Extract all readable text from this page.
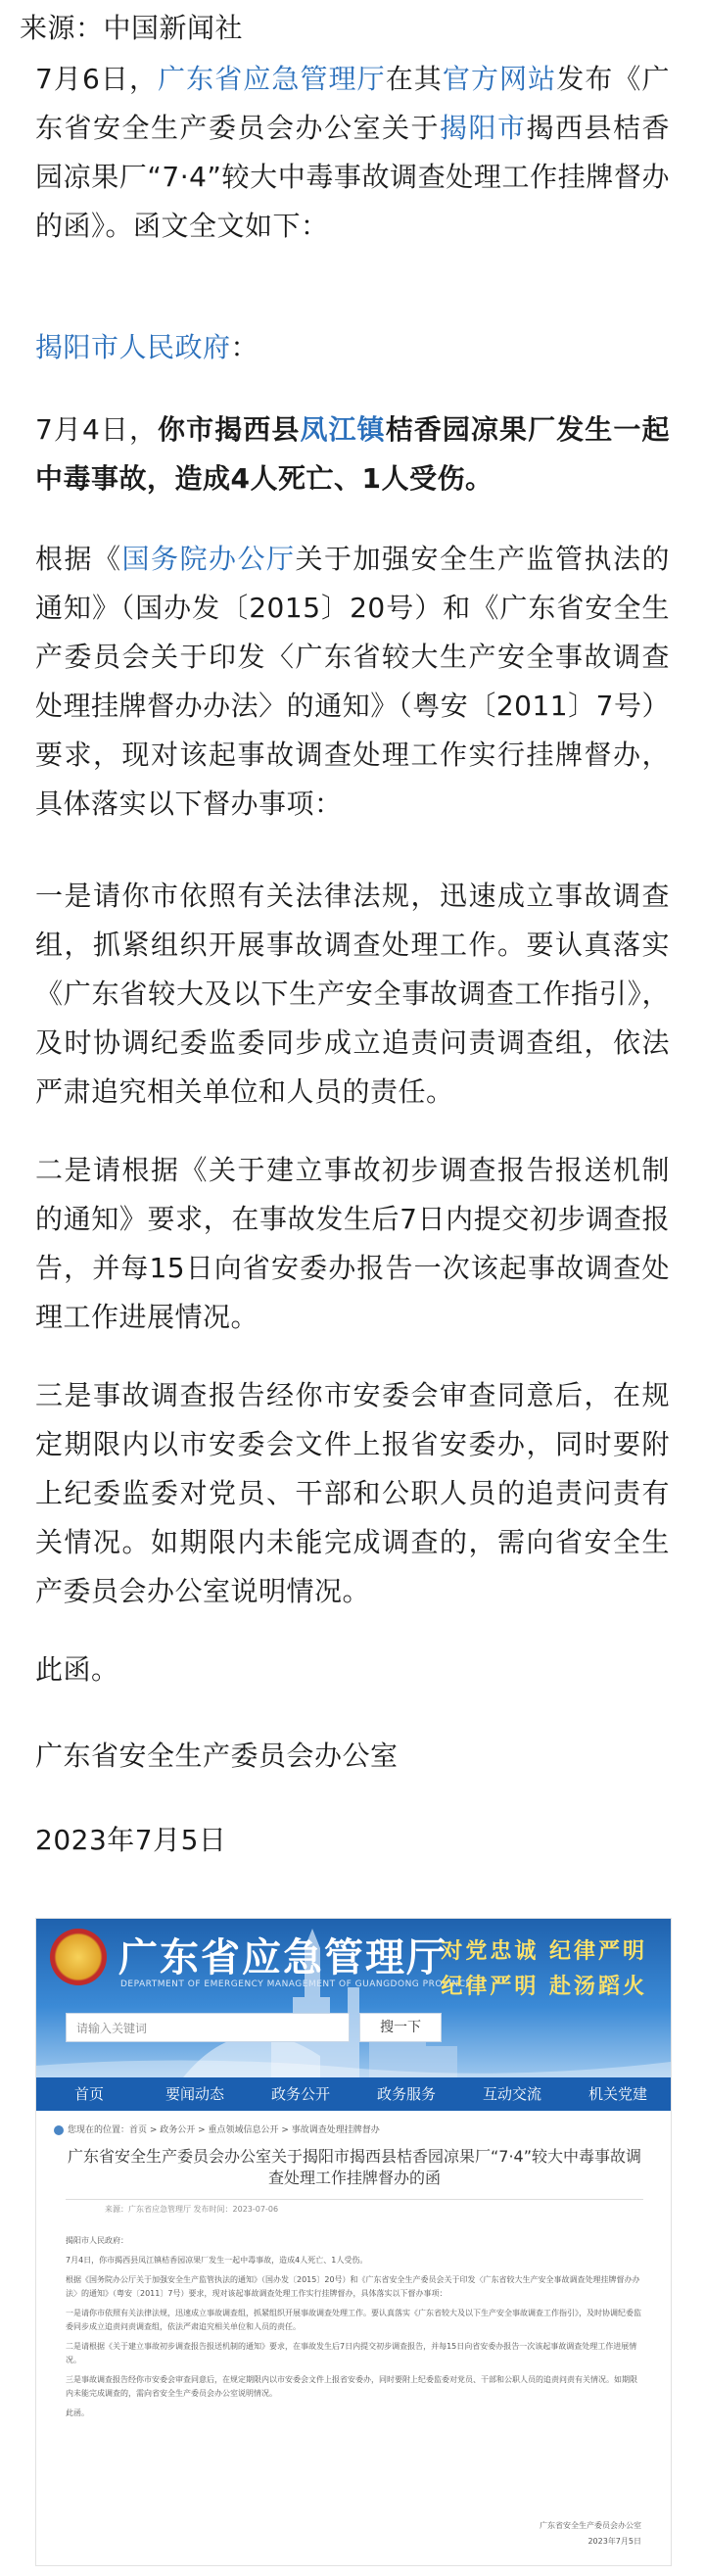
来源：中国新闻社

7月6日，广东省应急管理厅在其官方网站发布《广东省安全生产委员会办公室关于揭阳市揭西县桔香园凉果厂“7·4”较大中毒事故调查处理工作挂牌督办的函》。函文全文如下：

揭阳市人民政府：

7月4日，你市揭西县凤江镇桔香园凉果厂发生一起中毒事故，造成4人死亡、1人受伤。

根据《国务院办公厅关于加强安全生产监管执法的通知》（国办发〔2015〕20号）和《广东省安全生产委员会关于印发〈广东省较大生产安全事故调查处理挂牌督办办法〉的通知》（粤安〔2011〕7号）要求，现对该起事故调查处理工作实行挂牌督办，具体落实以下督办事项：

一是请你市依照有关法律法规，迅速成立事故调查组，抓紧组织开展事故调查处理工作。要认真落实《广东省较大及以下生产安全事故调查工作指引》，及时协调纪委监委同步成立追责问责调查组，依法严肃追究相关单位和人员的责任。

二是请根据《关于建立事故初步调查报告报送机制的通知》要求，在事故发生后7日内提交初步调查报告，并每15日向省安委办报告一次该起事故调查处理工作进展情况。

三是事故调查报告经你市安委会审查同意后，在规定期限内以市安委会文件上报省安委办，同时要附上纪委监委对党员、干部和公职人员的追责问责有关情况。如期限内未能完成调查的，需向省安全生产委员会办公室说明情况。

此函。

广东省安全生产委员会办公室

2023年7月5日

广东省应急管理厅
DEPARTMENT OF EMERGENCY MANAGEMENT OF GUANGDONG PROVINCE
对党忠诚 纪律严明
纪律严明 赴汤蹈火
请输入关键词	搜一下
首页	要闻动态	政务公开	政务服务	互动交流	机关党建
您现在的位置：首页 > 政务公开 > 重点领域信息公开 > 事故调查处理挂牌督办
广东省安全生产委员会办公室关于揭阳市揭西县桔香园凉果厂“7·4”较大中毒事故调查处理工作挂牌督办的函
来源：广东省应急管理厅 发布时间：2023-07-06

揭阳市人民政府：

7月4日，你市揭西县凤江镇桔香园凉果厂发生一起中毒事故，造成4人死亡、1人受伤。

根据《国务院办公厅关于加强安全生产监管执法的通知》（国办发〔2015〕20号）和《广东省安全生产委员会关于印发〈广东省较大生产安全事故调查处理挂牌督办办法〉的通知》（粤安〔2011〕7号）要求，现对该起事故调查处理工作实行挂牌督办，具体落实以下督办事项：

一是请你市依照有关法律法规，迅速成立事故调查组，抓紧组织开展事故调查处理工作。要认真落实《广东省较大及以下生产安全事故调查工作指引》，及时协调纪委监委同步成立追责问责调查组，依法严肃追究相关单位和人员的责任。

二是请根据《关于建立事故初步调查报告报送机制的通知》要求，在事故发生后7日内提交初步调查报告，并每15日向省安委办报告一次该起事故调查处理工作进展情况。

三是事故调查报告经你市安委会审查同意后，在规定期限内以市安委会文件上报省安委办，同时要附上纪委监委对党员、干部和公职人员的追责问责有关情况。如期限内未能完成调查的，需向省安全生产委员会办公室说明情况。

此函。

广东省安全生产委员会办公室
2023年7月5日
